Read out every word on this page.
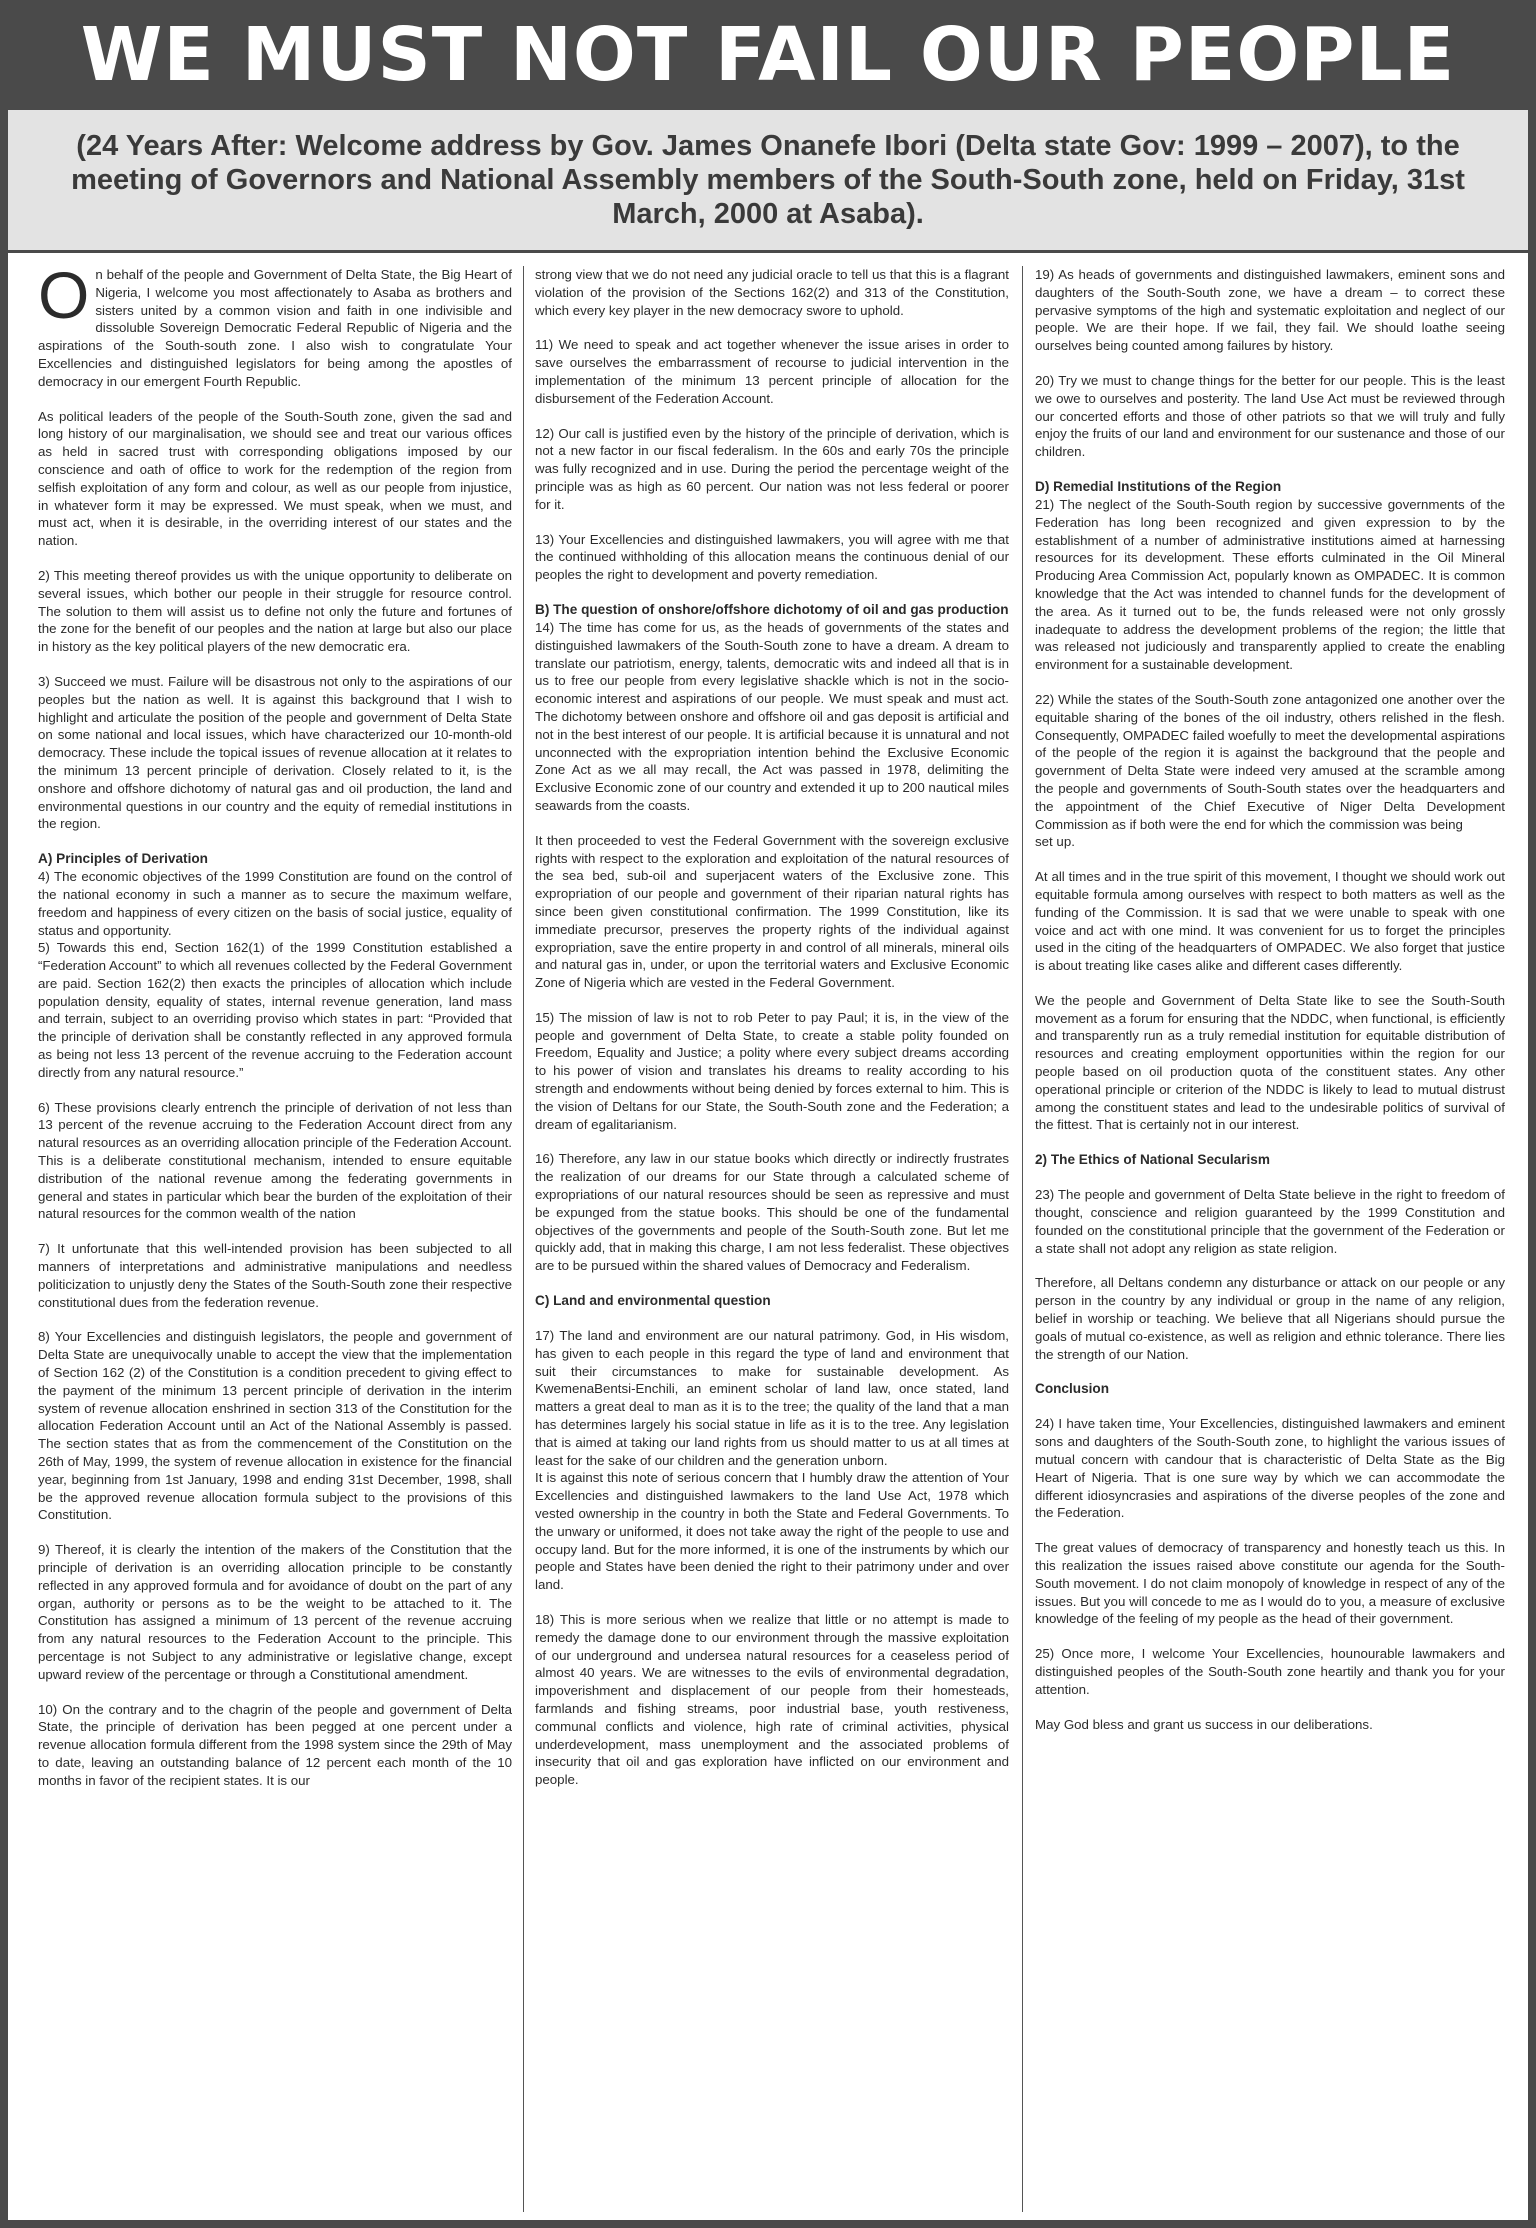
WE MUST NOT FAIL OUR PEOPLE

(24 Years After: Welcome address by Gov. James Onanefe Ibori (Delta state Gov: 1999 – 2007), to the meeting of Governors and National Assembly members of the South-South zone, held on Friday, 31st March, 2000 at Asaba).

On behalf of the people and Government of Delta State, the Big Heart of Nigeria, I welcome you most affectionately to Asaba as brothers and sisters united by a common vision and faith in one indivisible and dissoluble Sovereign Democratic Federal Republic of Nigeria and the aspirations of the South-south zone. I also wish to congratulate Your Excellencies and distinguished legislators for being among the apostles of democracy in our emergent Fourth Republic.

As political leaders of the people of the South-South zone, given the sad and long history of our marginalisation, we should see and treat our various offices as held in sacred trust with corresponding obligations imposed by our conscience and oath of office to work for the redemption of the region from selfish exploitation of any form and colour, as well as our people from injustice, in whatever form it may be expressed. We must speak, when we must, and must act, when it is desirable, in the overriding interest of our states and the nation.

2) This meeting thereof provides us with the unique opportunity to deliberate on several issues, which bother our people in their struggle for resource control. The solution to them will assist us to define not only the future and fortunes of the zone for the benefit of our peoples and the nation at large but also our place in history as the key political players of the new democratic era.

3) Succeed we must. Failure will be disastrous not only to the aspirations of our peoples but the nation as well. It is against this background that I wish to highlight and articulate the position of the people and government of Delta State on some national and local issues, which have characterized our 10-month-old democracy. These include the topical issues of revenue allocation at it relates to the minimum 13 percent principle of derivation. Closely related to it, is the onshore and offshore dichotomy of natural gas and oil production, the land and environmental questions in our country and the equity of remedial institutions in the region.

A) Principles of Derivation

4) The economic objectives of the 1999 Constitution are found on the control of the national economy in such a manner as to secure the maximum welfare, freedom and happiness of every citizen on the basis of social justice, equality of status and opportunity.

5) Towards this end, Section 162(1) of the 1999 Constitution established a “Federation Account” to which all revenues collected by the Federal Government are paid. Section 162(2) then exacts the principles of allocation which include population density, equality of states, internal revenue generation, land mass and terrain, subject to an overriding proviso which states in part: “Provided that the principle of derivation shall be constantly reflected in any approved formula as being not less 13 percent of the revenue accruing to the Federation account directly from any natural resource.”

6) These provisions clearly entrench the principle of derivation of not less than 13 percent of the revenue accruing to the Federation Account direct from any natural resources as an overriding allocation principle of the Federation Account. This is a deliberate constitutional mechanism, intended to ensure equitable distribution of the national revenue among the federating governments in general and states in particular which bear the burden of the exploitation of their natural resources for the common wealth of the nation

7) It unfortunate that this well-intended provision has been subjected to all manners of interpretations and administrative manipulations and needless politicization to unjustly deny the States of the South-South zone their respective constitutional dues from the federation revenue.

8) Your Excellencies and distinguish legislators, the people and government of Delta State are unequivocally unable to accept the view that the implementation of Section 162 (2) of the Constitution is a condition precedent to giving effect to the payment of the minimum 13 percent principle of derivation in the interim system of revenue allocation enshrined in section 313 of the Constitution for the allocation Federation Account until an Act of the National Assembly is passed. The section states that as from the commencement of the Constitution on the 26th of May, 1999, the system of revenue allocation in existence for the financial year, beginning from 1st January, 1998 and ending 31st December, 1998, shall be the approved revenue allocation formula subject to the provisions of this Constitution.

9) Thereof, it is clearly the intention of the makers of the Constitution that the principle of derivation is an overriding allocation principle to be constantly reflected in any approved formula and for avoidance of doubt on the part of any organ, authority or persons as to be the weight to be attached to it. The Constitution has assigned a minimum of 13 percent of the revenue accruing from any natural resources to the Federation Account to the principle. This percentage is not Subject to any administrative or legislative change, except upward review of the percentage or through a Constitutional amendment.

10) On the contrary and to the chagrin of the people and government of Delta State, the principle of derivation has been pegged at one percent under a revenue allocation formula different from the 1998 system since the 29th of May to date, leaving an outstanding balance of 12 percent each month of the 10 months in favor of the recipient states. It is our

strong view that we do not need any judicial oracle to tell us that this is a flagrant violation of the provision of the Sections 162(2) and 313 of the Constitution, which every key player in the new democracy swore to uphold.

11) We need to speak and act together whenever the issue arises in order to save ourselves the embarrassment of recourse to judicial intervention in the implementation of the minimum 13 percent principle of allocation for the disbursement of the Federation Account.

12) Our call is justified even by the history of the principle of derivation, which is not a new factor in our fiscal federalism. In the 60s and early 70s the principle was fully recognized and in use. During the period the percentage weight of the principle was as high as 60 percent. Our nation was not less federal or poorer for it.

13) Your Excellencies and distinguished lawmakers, you will agree with me that the continued withholding of this allocation means the continuous denial of our peoples the right to development and poverty remediation.

B) The question of onshore/offshore dichotomy of oil and gas production

14) The time has come for us, as the heads of governments of the states and distinguished lawmakers of the South-South zone to have a dream. A dream to translate our patriotism, energy, talents, democratic wits and indeed all that is in us to free our people from every legislative shackle which is not in the socio-economic interest and aspirations of our people. We must speak and must act. The dichotomy between onshore and offshore oil and gas deposit is artificial and not in the best interest of our people. It is artificial because it is unnatural and not unconnected with the expropriation intention behind the Exclusive Economic Zone Act as we all may recall, the Act was passed in 1978, delimiting the Exclusive Economic zone of our country and extended it up to 200 nautical miles seawards from the coasts.

It then proceeded to vest the Federal Government with the sovereign exclusive rights with respect to the exploration and exploitation of the natural resources of the sea bed, sub-oil and superjacent waters of the Exclusive zone. This expropriation of our people and government of their riparian natural rights has since been given constitutional confirmation. The 1999 Constitution, like its immediate precursor, preserves the property rights of the individual against expropriation, save the entire property in and control of all minerals, mineral oils and natural gas in, under, or upon the territorial waters and Exclusive Economic Zone of Nigeria which are vested in the Federal Government.

15) The mission of law is not to rob Peter to pay Paul; it is, in the view of the people and government of Delta State, to create a stable polity founded on Freedom, Equality and Justice; a polity where every subject dreams according to his power of vision and translates his dreams to reality according to his strength and endowments without being denied by forces external to him. This is the vision of Deltans for our State, the South-South zone and the Federation; a dream of egalitarianism.

16) Therefore, any law in our statue books which directly or indirectly frustrates the realization of our dreams for our State through a calculated scheme of expropriations of our natural resources should be seen as repressive and must be expunged from the statue books. This should be one of the fundamental objectives of the governments and people of the South-South zone. But let me quickly add, that in making this charge, I am not less federalist. These objectives are to be pursued within the shared values of Democracy and Federalism.

C) Land and environmental question

17) The land and environment are our natural patrimony. God, in His wisdom, has given to each people in this regard the type of land and environment that suit their circumstances to make for sustainable development. As KwemenaBentsi-Enchili, an eminent scholar of land law, once stated, land matters a great deal to man as it is to the tree; the quality of the land that a man has determines largely his social statue in life as it is to the tree. Any legislation that is aimed at taking our land rights from us should matter to us at all times at least for the sake of our children and the generation unborn.

It is against this note of serious concern that I humbly draw the attention of Your Excellencies and distinguished lawmakers to the land Use Act, 1978 which vested ownership in the country in both the State and Federal Governments. To the unwary or uniformed, it does not take away the right of the people to use and occupy land. But for the more informed, it is one of the instruments by which our people and States have been denied the right to their patrimony under and over land.

18) This is more serious when we realize that little or no attempt is made to remedy the damage done to our environment through the massive exploitation of our underground and undersea natural resources for a ceaseless period of almost 40 years. We are witnesses to the evils of environmental degradation, impoverishment and displacement of our people from their homesteads, farmlands and fishing streams, poor industrial base, youth restiveness, communal conflicts and violence, high rate of criminal activities, physical underdevelopment, mass unemployment and the associated problems of insecurity that oil and gas exploration have inflicted on our environment and people.

19) As heads of governments and distinguished lawmakers, eminent sons and daughters of the South-South zone, we have a dream – to correct these pervasive symptoms of the high and systematic exploitation and neglect of our people. We are their hope. If we fail, they fail. We should loathe seeing ourselves being counted among failures by history.

20) Try we must to change things for the better for our people. This is the least we owe to ourselves and posterity. The land Use Act must be reviewed through our concerted efforts and those of other patriots so that we will truly and fully enjoy the fruits of our land and environment for our sustenance and those of our children.

D) Remedial Institutions of the Region

21) The neglect of the South-South region by successive governments of the Federation has long been recognized and given expression to by the establishment of a number of administrative institutions aimed at harnessing resources for its development. These efforts culminated in the Oil Mineral Producing Area Commission Act, popularly known as OMPADEC. It is common knowledge that the Act was intended to channel funds for the development of the area. As it turned out to be, the funds released were not only grossly inadequate to address the development problems of the region; the little that was released not judiciously and transparently applied to create the enabling environment for a sustainable development.

22) While the states of the South-South zone antagonized one another over the equitable sharing of the bones of the oil industry, others relished in the flesh. Consequently, OMPADEC failed woefully to meet the developmental aspirations of the people of the region it is against the background that the people and government of Delta State were indeed very amused at the scramble among the people and governments of South-South states over the headquarters and the appointment of the Chief Executive of Niger Delta Development Commission as if both were the end for which the commission was being

set up.

At all times and in the true spirit of this movement, I thought we should work out equitable formula among ourselves with respect to both matters as well as the funding of the Commission. It is sad that we were unable to speak with one voice and act with one mind. It was convenient for us to forget the principles used in the citing of the headquarters of OMPADEC. We also forget that justice is about treating like cases alike and different cases differently.

We the people and Government of Delta State like to see the South-South movement as a forum for ensuring that the NDDC, when functional, is efficiently and transparently run as a truly remedial institution for equitable distribution of resources and creating employment opportunities within the region for our people based on oil production quota of the constituent states. Any other operational principle or criterion of the NDDC is likely to lead to mutual distrust among the constituent states and lead to the undesirable politics of survival of the fittest. That is certainly not in our interest.

2) The Ethics of National Secularism

23) The people and government of Delta State believe in the right to freedom of thought, conscience and religion guaranteed by the 1999 Constitution and founded on the constitutional principle that the government of the Federation or a state shall not adopt any religion as state religion.

Therefore, all Deltans condemn any disturbance or attack on our people or any person in the country by any individual or group in the name of any religion, belief in worship or teaching. We believe that all Nigerians should pursue the goals of mutual co-existence, as well as religion and ethnic tolerance. There lies the strength of our Nation.

Conclusion

24) I have taken time, Your Excellencies, distinguished lawmakers and eminent sons and daughters of the South-South zone, to highlight the various issues of mutual concern with candour that is characteristic of Delta State as the Big Heart of Nigeria. That is one sure way by which we can accommodate the different idiosyncrasies and aspirations of the diverse peoples of the zone and the Federation.

The great values of democracy of transparency and honestly teach us this. In this realization the issues raised above constitute our agenda for the South-South movement. I do not claim monopoly of knowledge in respect of any of the issues. But you will concede to me as I would do to you, a measure of exclusive knowledge of the feeling of my people as the head of their government.

25) Once more, I welcome Your Excellencies, hounourable lawmakers and distinguished peoples of the South-South zone heartily and thank you for your attention.

May God bless and grant us success in our deliberations.
